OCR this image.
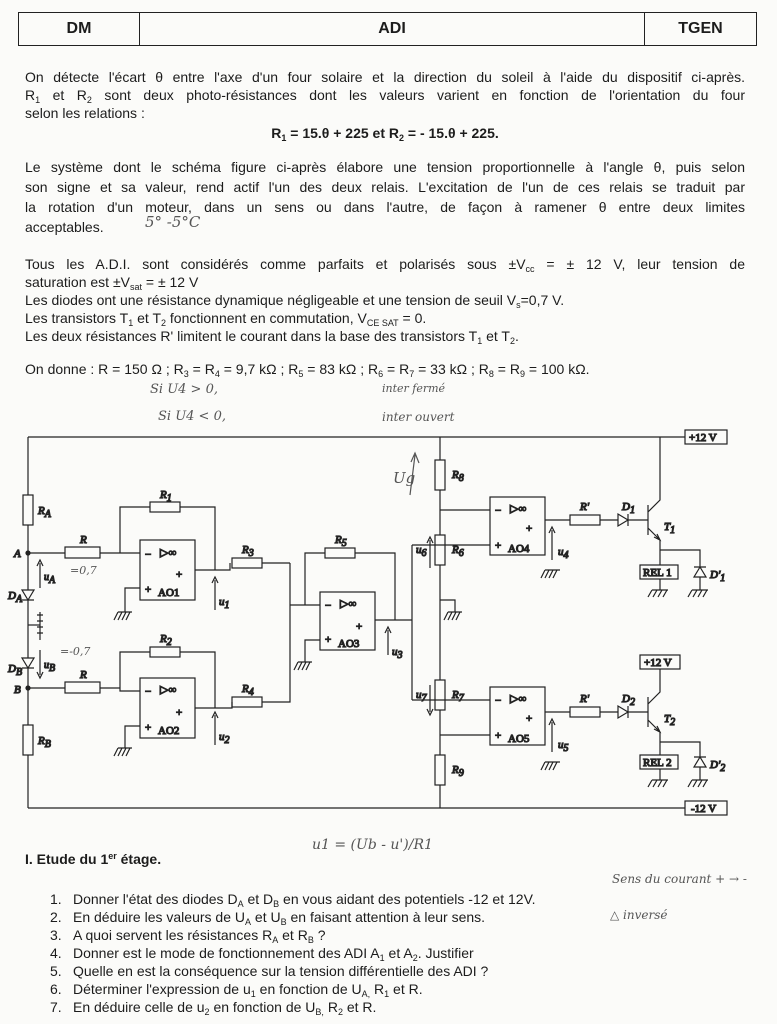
DM	ADI	TGEN
On détecte l'écart θ entre l'axe d'un four solaire et la direction du soleil à l'aide du dispositif ci-après.
$R_1$ et $R_2$ sont deux photo-résistances dont les valeurs varient en fonction de l'orientation du four
selon les relations :
$R_1 = 15.\theta + 225$ et $R_2$ = - 15.θ + 225.
Le système dont le schéma figure ci-après élabore une tension proportionnelle à l'angle θ, puis selon
son signe et sa valeur, rend actif l'un des deux relais. L'excitation de l'un de ces relais se traduit par
la rotation d'un moteur, dans un sens ou dans l'autre, de façon à ramener θ entre deux limites
acceptables.
Tous les A.D.I. sont considérés comme parfaits et polarisés sous $\pm V_{cc}$ = ± 12 V, leur tension de
saturation est $\pm V_{sat}$ = ± 12 V
Les diodes ont une résistance dynamique négligeable et une tension de seuil $V_s=0,7$ V.
Les transistors $T_1$ et $T_2$ fonctionnent en commutation, $V_{CE SAT} = 0$.
Les deux résistances R' limitent le courant dans la base des transistors $T_1$ et $T_2$.
On donne : R = 150 Ω ; $R_3 = R_4 = 9,7$ kΩ ; $R_5 = 83$ kΩ ; $R_6 = R_7 = 33$ kΩ ; $R_8 = R_9 = 100$ kΩ.
5° -5°C
Si U4 > 0,
Si U4 < 0,
inter fermé
inter ouvert
Ug
=0,7
=-0,7
u1 = (Ub - u')/R1
Sens du courant + → -
△ inversé
+12 V
-12 V
RA
A
DA
DB
B
RB
uA
uB
R
R1
− ▷∞
+
+ AO1
u1
R3
R
R2
− ▷∞
+
+ AO2	u2
R4
R5
− ▷∞
+
+ AO3
u3
R8
R6
R7
R9
u6
u7
− ▷∞
+
+ AO4	u4
R'	D1
T1
REL 1	D'1
− ▷∞
+
+ AO5	u5
R'	D2
+12 V
T2
REL 2	D'2
I. Etude du 1er étage.
1. Donner l'état des diodes $D_A$ et $D_B$ en vous aidant des potentiels -12 et 12V.
2. En déduire les valeurs de $U_A$ et $U_B$ en faisant attention à leur sens.
3. A quoi servent les résistances $R_A$ et $R_B$ ?
4. Donner est le mode de fonctionnement des ADI $A_1$ et $A_2$. Justifier
5. Quelle en est la conséquence sur la tension différentielle des ADI ?
6. Déterminer l'expression de $u_1$ en fonction de $U_{A,}$ $R_1$ et R.
7. En déduire celle de $u_2$ en fonction de $U_{B,}$ $R_2$ et R.
